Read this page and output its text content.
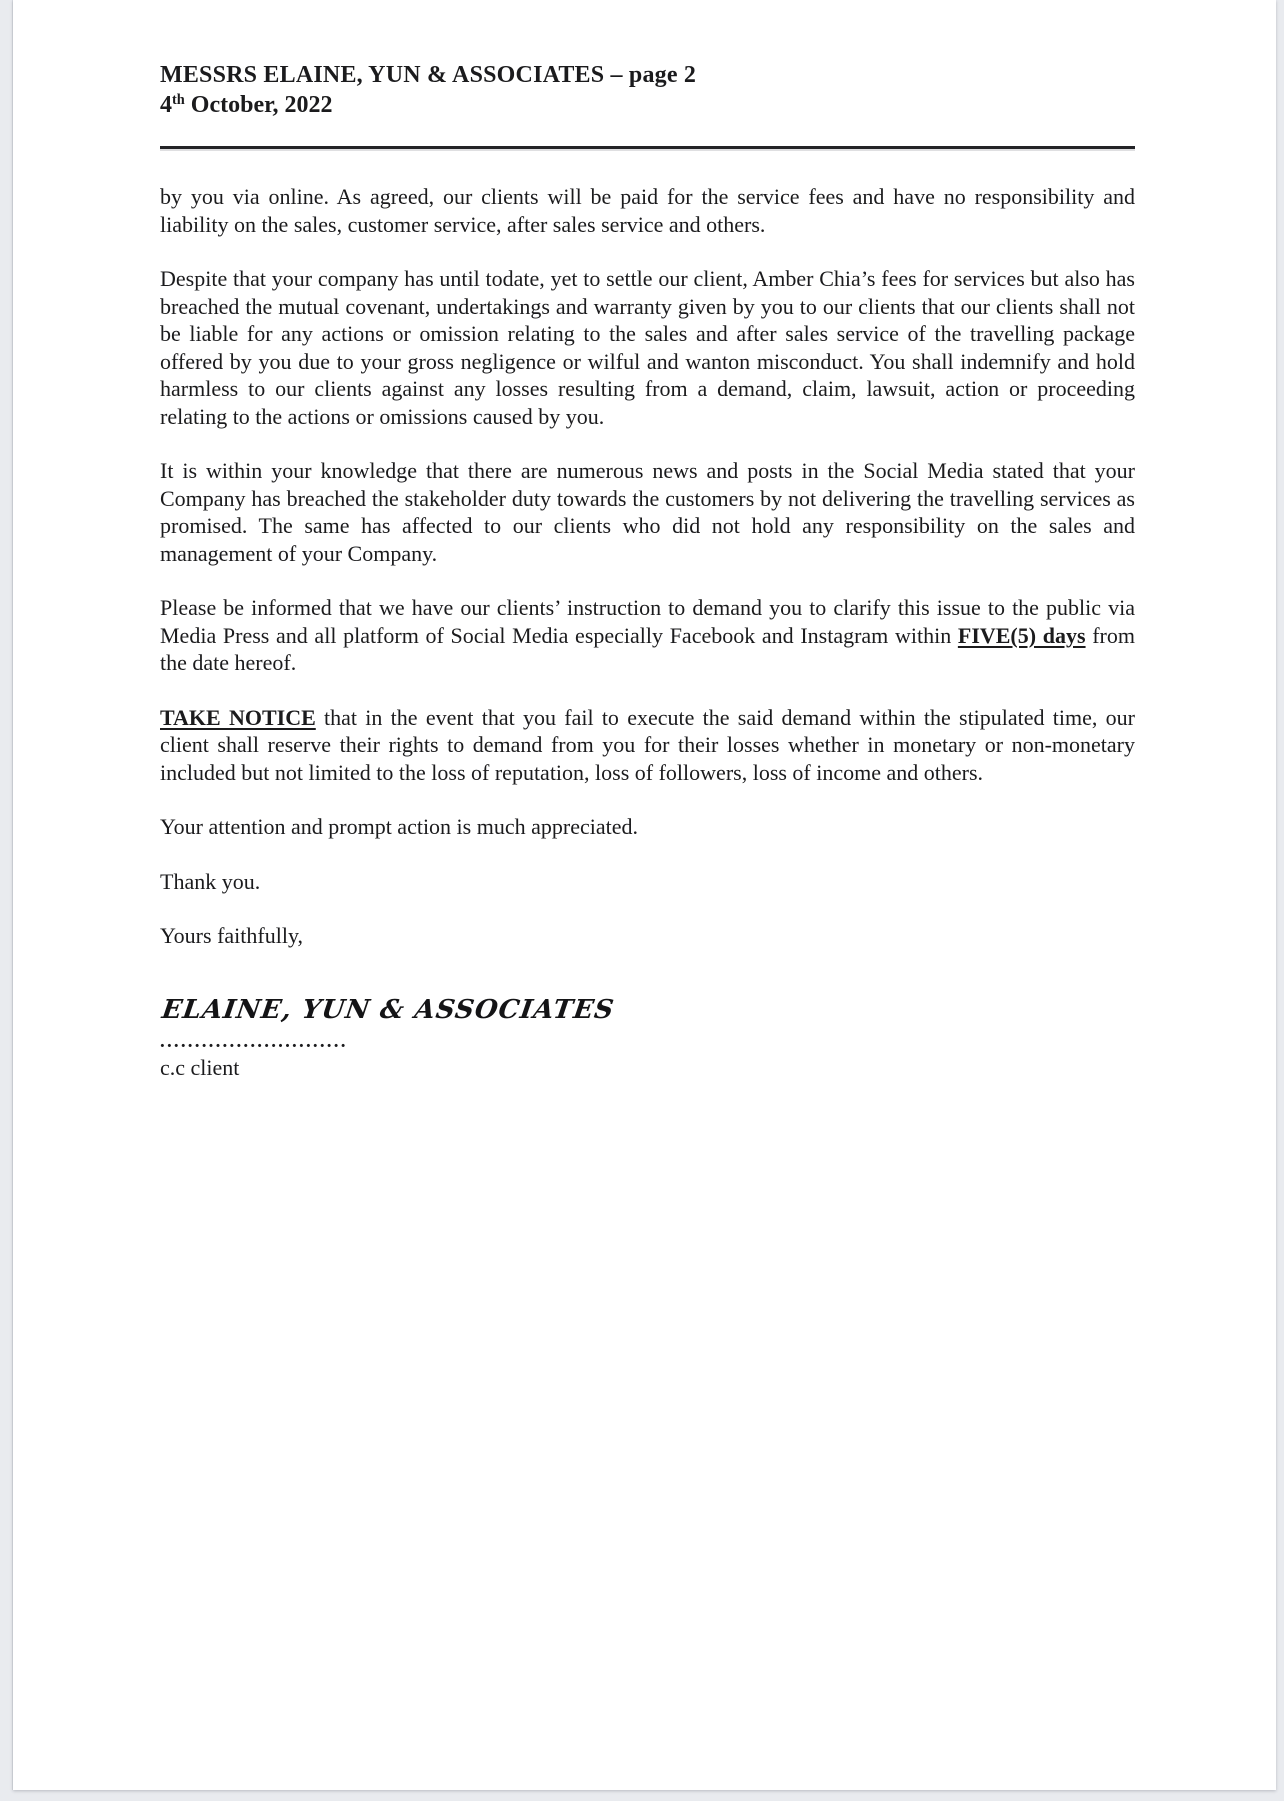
MESSRS ELAINE, YUN & ASSOCIATES – page 2
4th October, 2022

by you via online. As agreed, our clients will be paid for the service fees and have no responsibility and liability on the sales, customer service, after sales service and others.

Despite that your company has until todate, yet to settle our client, Amber Chia’s fees for services but also has breached the mutual covenant, undertakings and warranty given by you to our clients that our clients shall not be liable for any actions or omission relating to the sales and after sales service of the travelling package offered by you due to your gross negligence or wilful and wanton misconduct. You shall indemnify and hold harmless to our clients against any losses resulting from a demand, claim, lawsuit, action or proceeding relating to the actions or omissions caused by you.

It is within your knowledge that there are numerous news and posts in the Social Media stated that your Company has breached the stakeholder duty towards the customers by not delivering the travelling services as promised. The same has affected to our clients who did not hold any responsibility on the sales and management of your Company.

Please be informed that we have our clients’ instruction to demand you to clarify this issue to the public via Media Press and all platform of Social Media especially Facebook and Instagram within FIVE(5) days from the date hereof.

TAKE NOTICE that in the event that you fail to execute the said demand within the stipulated time, our client shall reserve their rights to demand from you for their losses whether in monetary or non-monetary included but not limited to the loss of reputation, loss of followers, loss of income and others.

Your attention and prompt action is much appreciated.

Thank you.

Yours faithfully,

ELAINE, YUN & ASSOCIATES
...........................
c.c client
